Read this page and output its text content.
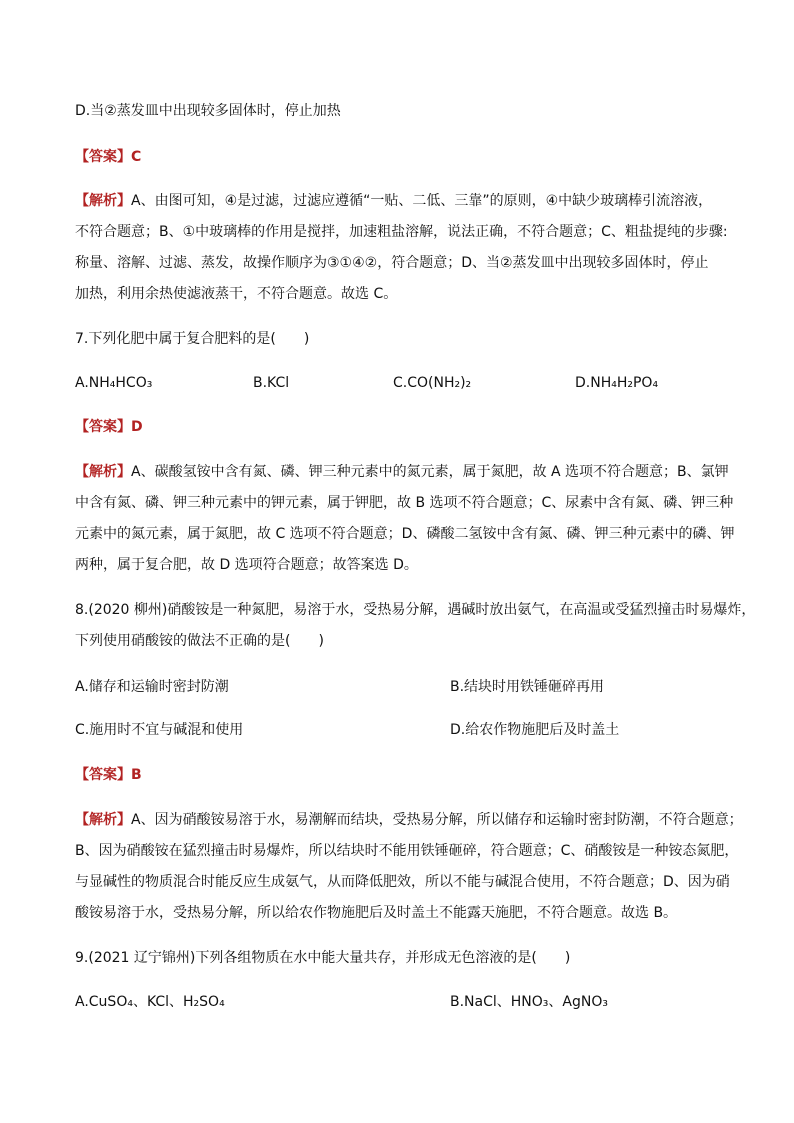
D.当②蒸发皿中出现较多固体时，停止加热
【答案】C
【解析】A、由图可知，④是过滤，过滤应遵循“一贴、二低、三靠”的原则，④中缺少玻璃棒引流溶液，
不符合题意；B、①中玻璃棒的作用是搅拌，加速粗盐溶解，说法正确，不符合题意；C、粗盐提纯的步骤:
称量、溶解、过滤、蒸发，故操作顺序为③①④②，符合题意；D、当②蒸发皿中出现较多固体时，停止
加热，利用余热使滤液蒸干，不符合题意。故选 C。
7.下列化肥中属于复合肥料的是(　　)
A.NH₄HCO₃	B.KCl	C.CO(NH₂)₂	D.NH₄H₂PO₄
【答案】D
【解析】A、碳酸氢铵中含有氮、磷、钾三种元素中的氮元素，属于氮肥，故 A 选项不符合题意；B、氯钾
中含有氮、磷、钾三种元素中的钾元素，属于钾肥，故 B 选项不符合题意；C、尿素中含有氮、磷、钾三种
元素中的氮元素，属于氮肥，故 C 选项不符合题意；D、磷酸二氢铵中含有氮、磷、钾三种元素中的磷、钾
两种，属于复合肥，故 D 选项符合题意；故答案选 D。
8.(2020 柳州)硝酸铵是一种氮肥，易溶于水，受热易分解，遇碱时放出氨气，在高温或受猛烈撞击时易爆炸，
下列使用硝酸铵的做法不正确的是(　　)
A.储存和运输时密封防潮	B.结块时用铁锤砸碎再用
C.施用时不宜与碱混和使用	D.给农作物施肥后及时盖土
【答案】B
【解析】A、因为硝酸铵易溶于水，易潮解而结块，受热易分解，所以储存和运输时密封防潮，不符合题意；
B、因为硝酸铵在猛烈撞击时易爆炸，所以结块时不能用铁锤砸碎，符合题意；C、硝酸铵是一种铵态氮肥，
与显碱性的物质混合时能反应生成氨气，从而降低肥效，所以不能与碱混合使用，不符合题意；D、因为硝
酸铵易溶于水，受热易分解，所以给农作物施肥后及时盖土不能露天施肥，不符合题意。故选 B。
9.(2021 辽宁锦州)下列各组物质在水中能大量共存，并形成无色溶液的是(　　)
A.CuSO₄、KCl、H₂SO₄	B.NaCl、HNO₃、AgNO₃
